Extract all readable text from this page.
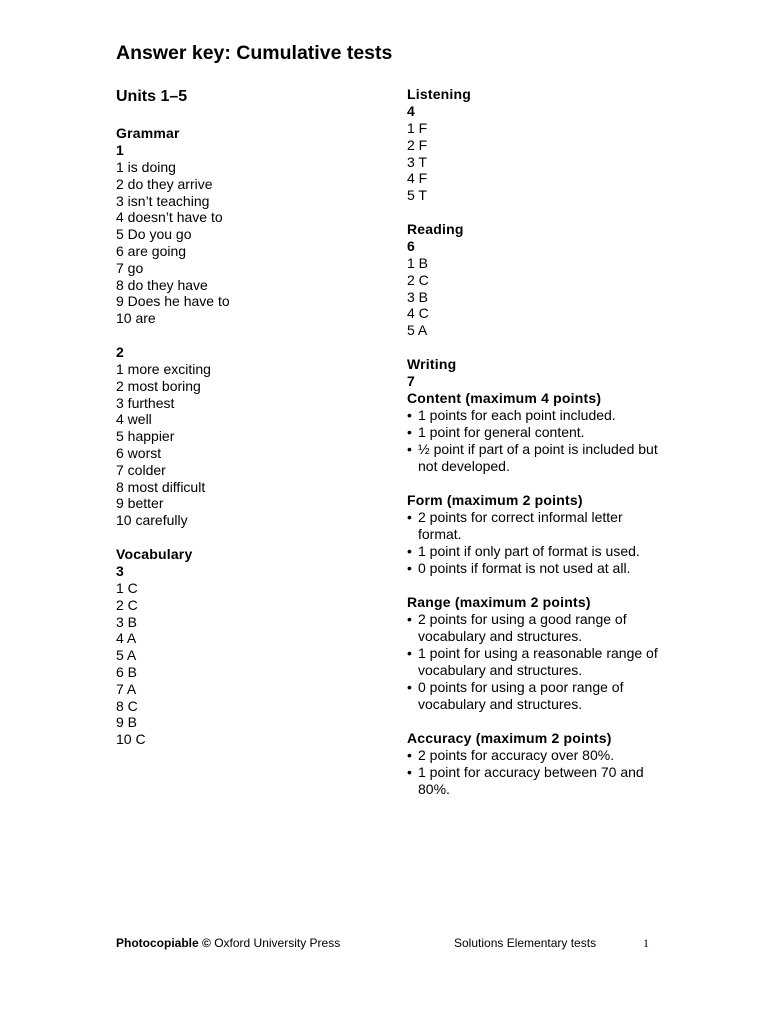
Answer key: Cumulative tests
Units 1–5
Grammar
1
1 is doing
2 do they arrive
3 isn’t teaching
4 doesn’t have to
5 Do you go
6 are going
7 go
8 do they have
9 Does he have to
10 are
2
1 more exciting
2 most boring
3 furthest
4 well
5 happier
6 worst
7 colder
8 most difficult
9 better
10 carefully
Vocabulary
3
1 C
2 C
3 B
4 A
5 A
6 B
7 A
8 C
9 B
10 C
Listening
4
1 F
2 F
3 T
4 F
5 T
Reading
6
1 B
2 C
3 B
4 C
5 A
Writing
7
Content (maximum 4 points)
• 1 points for each point included.
• 1 point for general content.
• ½ point if part of a point is included but not developed.
Form (maximum 2 points)
• 2 points for correct informal letter format.
• 1 point if only part of format is used.
• 0 points if format is not used at all.
Range (maximum 2 points)
• 2 points for using a good range of vocabulary and structures.
• 1 point for using a reasonable range of vocabulary and structures.
• 0 points for using a poor range of vocabulary and structures.
Accuracy (maximum 2 points)
• 2 points for accuracy over 80%.
• 1 point for accuracy between 70 and 80%.
Photocopiable © Oxford University Press	Solutions Elementary tests	1
